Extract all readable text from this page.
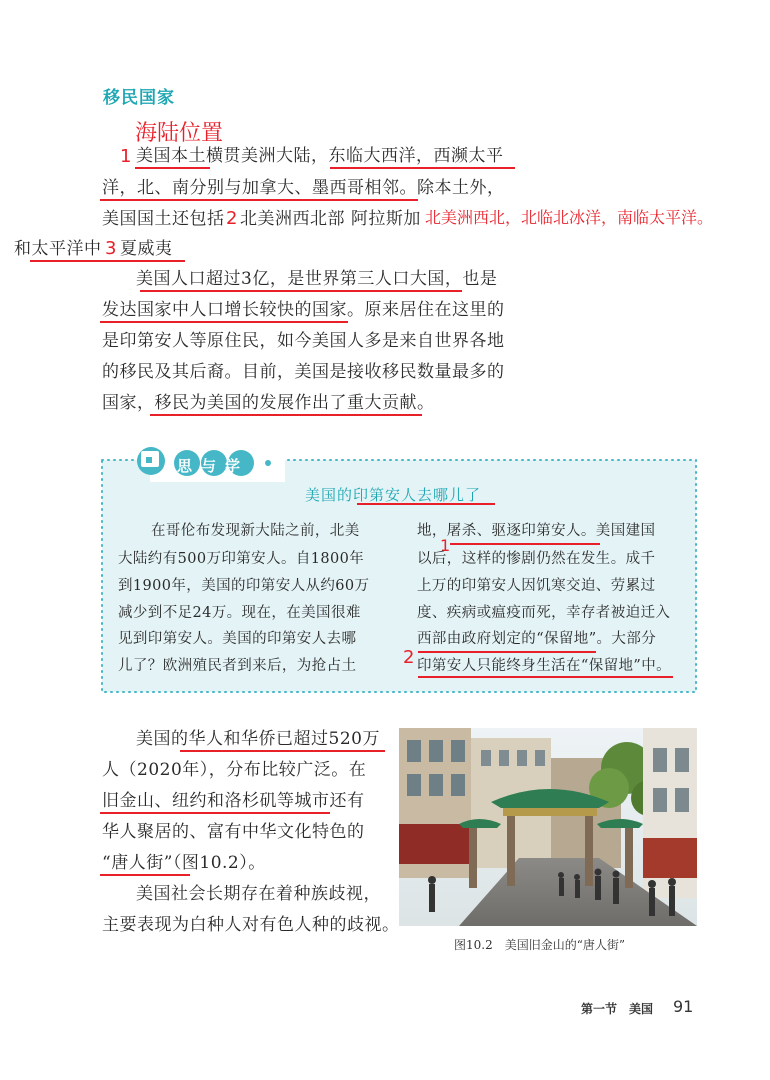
移民国家
海陆位置
1 美国本土横贯美洲大陆，东临大西洋，西濒太平
洋，北、南分别与加拿大、墨西哥相邻。除本土外，
美国国土还包括 2 北美洲西北部 阿拉斯加 北美洲西北，北临北冰洋，南临太平洋。
和太平洋中 3 夏威夷
美国人口超过3亿，是世界第三人口大国，也是
发达国家中人口增长较快的国家。原来居住在这里的
是印第安人等原住民，如今美国人多是来自世界各地
的移民及其后裔。目前，美国是接收移民数量最多的
国家，移民为美国的发展作出了重大贡献。
思与学
美国的印第安人去哪儿了
在哥伦布发现新大陆之前，北美
大陆约有500万印第安人。自1800年
到1900年，美国的印第安人从约60万
减少到不足24万。现在，在美国很难
见到印第安人。美国的印第安人去哪
儿了？欧洲殖民者到来后，为抢占土
地，屠杀、驱逐印第安人。美国建国
1
以后，这样的惨剧仍然在发生。成千
上万的印第安人因饥寒交迫、劳累过
度、疾病或瘟疫而死，幸存者被迫迁入
西部由政府划定的“保留地”。大部分
2 印第安人只能终身生活在“保留地”中。
美国的华人和华侨已超过520万
人（2020年），分布比较广泛。在
旧金山、纽约和洛杉矶等城市还有
华人聚居的、富有中华文化特色的
“唐人街”（图10.2）。
美国社会长期存在着种族歧视，
主要表现为白种人对有色人种的歧视。
图10.2　美国旧金山的“唐人街”
第一节　美国 91
